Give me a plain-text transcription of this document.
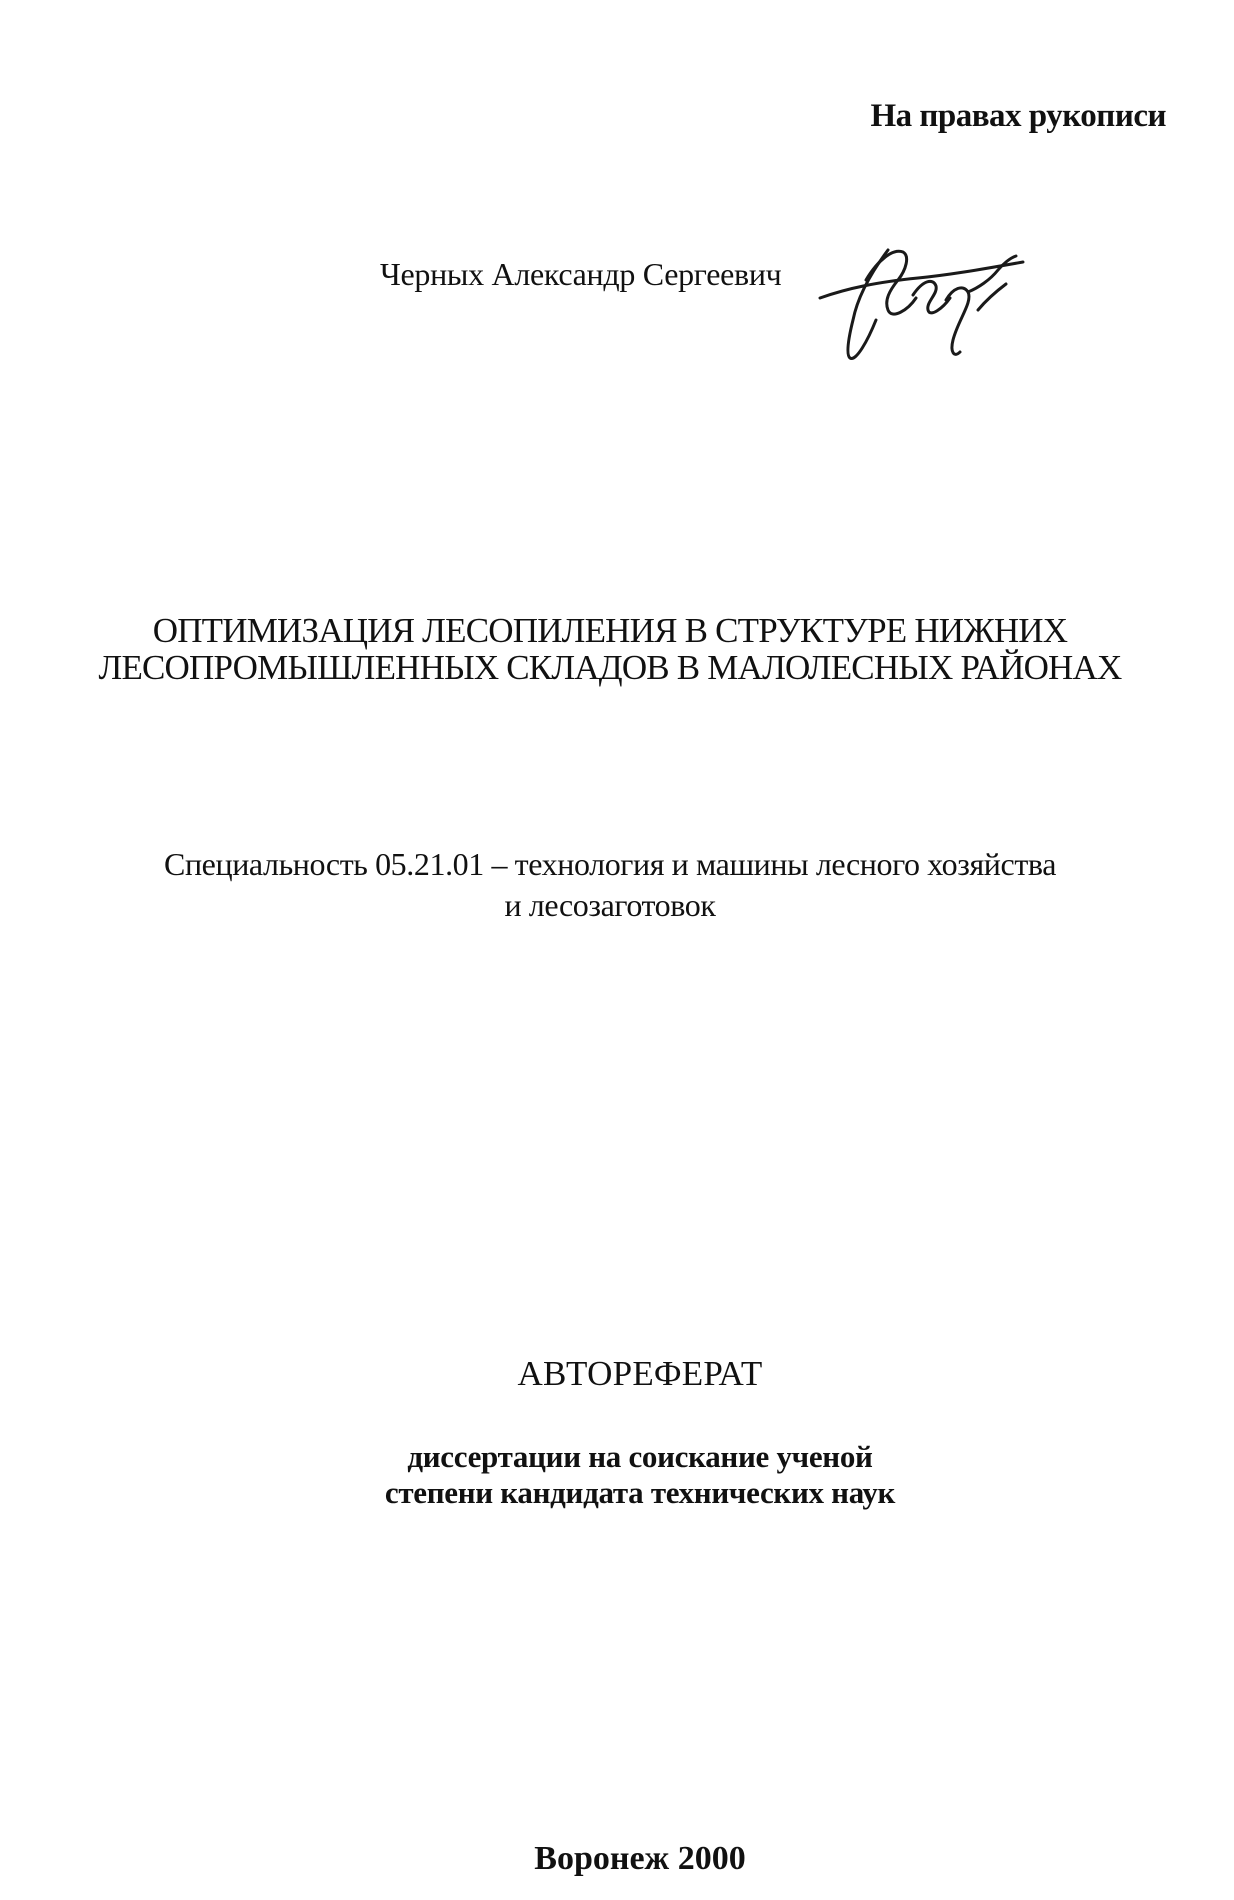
На правах рукописи
Черных Александр Сергеевич
ОПТИМИЗАЦИЯ ЛЕСОПИЛЕНИЯ В СТРУКТУРЕ НИЖНИХ
ЛЕСОПРОМЫШЛЕННЫХ СКЛАДОВ В МАЛОЛЕСНЫХ РАЙОНАХ
Специальность 05.21.01 – технология и машины лесного хозяйства
и лесозаготовок
АВТОРЕФЕРАТ
диссертации на соискание ученой
степени кандидата технических наук
Воронеж 2000
